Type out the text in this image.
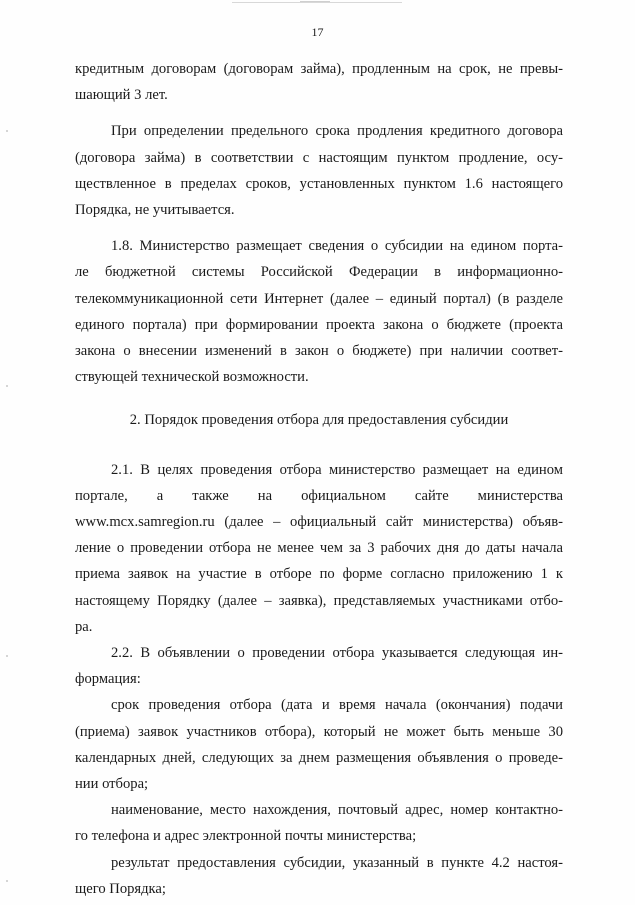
17

кредитным договорам (договорам займа), продленным на срок, не превы-

шающий 3 лет.

При определении предельного срока продления кредитного договора

(договора займа) в соответствии с настоящим пунктом продление, осу-

ществленное в пределах сроков, установленных пунктом 1.6 настоящего

Порядка, не учитывается.

1.8. Министерство размещает сведения о субсидии на едином порта-

ле бюджетной системы Российской Федерации в информационно-

телекоммуникационной сети Интернет (далее – единый портал) (в разделе

единого портала) при формировании проекта закона о бюджете (проекта

закона о внесении изменений в закон о бюджете) при наличии соответ-

ствующей технической возможности.

2. Порядок проведения отбора для предоставления субсидии

2.1. В целях проведения отбора министерство размещает на едином

портале, а также на официальном сайте министерства

www.mcx.samregion.ru (далее – официальный сайт министерства) объяв-

ление о проведении отбора не менее чем за 3 рабочих дня до даты начала

приема заявок на участие в отборе по форме согласно приложению 1 к

настоящему Порядку (далее – заявка), представляемых участниками отбо-

ра.

2.2. В объявлении о проведении отбора указывается следующая ин-

формация:

срок проведения отбора (дата и время начала (окончания) подачи

(приема) заявок участников отбора), который не может быть меньше 30

календарных дней, следующих за днем размещения объявления о проведе-

нии отбора;

наименование, место нахождения, почтовый адрес, номер контактно-

го телефона и адрес электронной почты министерства;

результат предоставления субсидии, указанный в пункте 4.2 настоя-

щего Порядка;
